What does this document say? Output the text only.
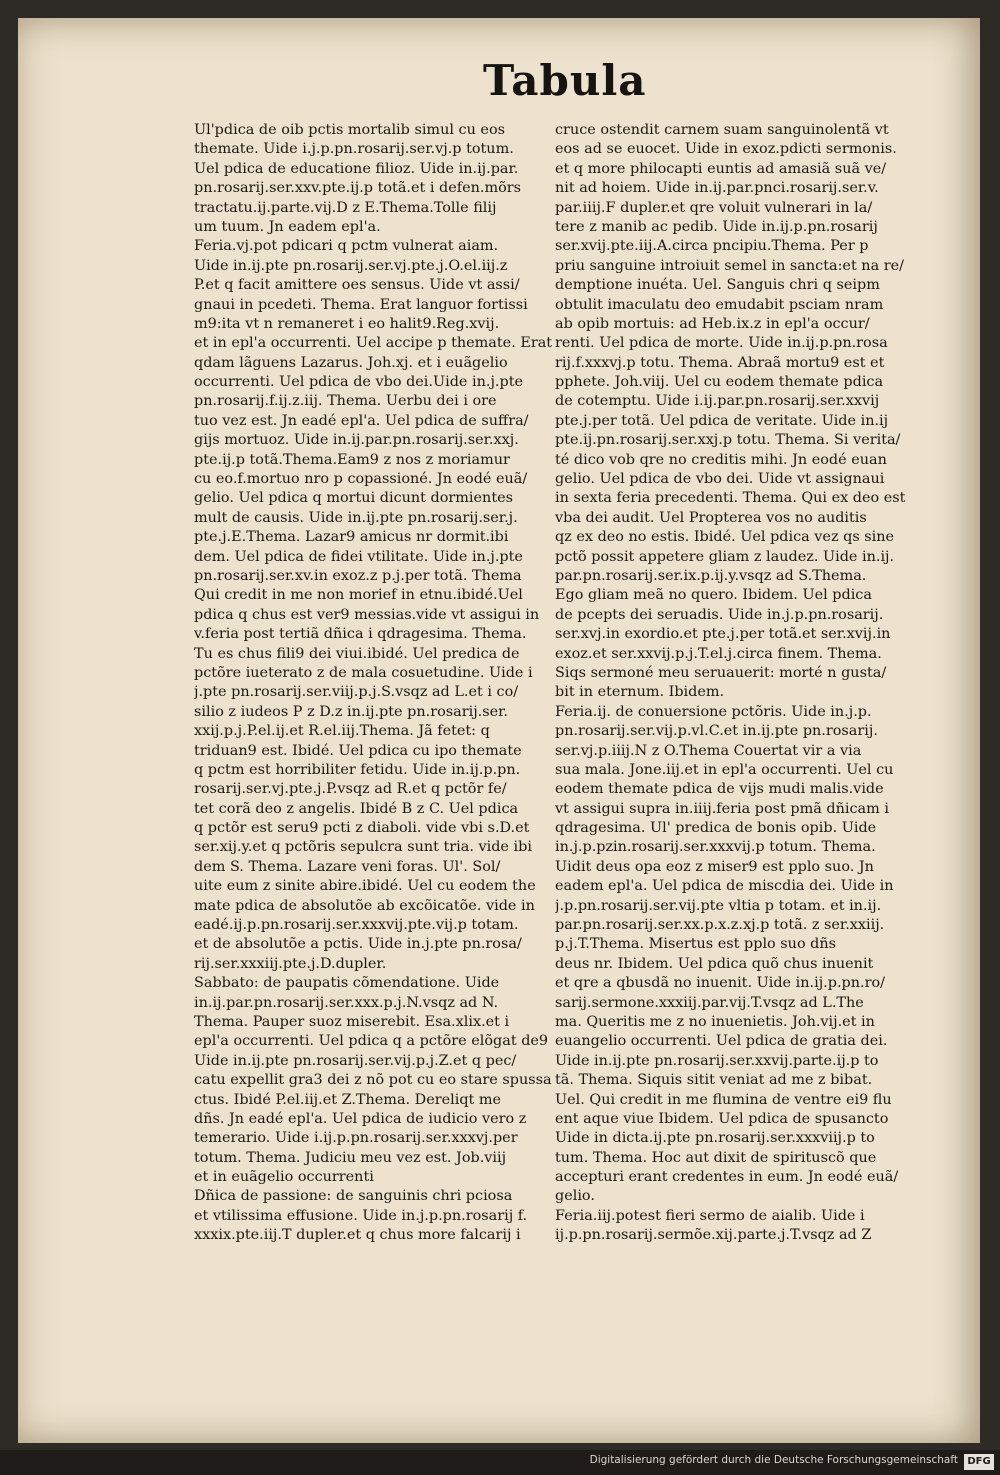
Tabula
Ul'pdica de oib pctis mortalib simul cu eos
themate. Uide i.j.p.pn.rosarij.ser.vj.p totum.
Uel pdica de educatione filioz. Uide in.ij.par.
pn.rosarij.ser.xxv.pte.ij.p totã.et i defen.mõrs
tractatu.ij.parte.vij.D z E.Thema.Tolle filij
um tuum. Jn eadem epl'a.
Feria.vj.pot pdicari q pctm vulnerat aiam.
Uide in.ij.pte pn.rosarij.ser.vj.pte.j.O.el.iij.z
P.et q facit amittere oes sensus. Uide vt assi/
gnaui in pcedeti. Thema. Erat languor fortissi
m9:ita vt n remaneret i eo halit9.Reg.xvij.
et in epl'a occurrenti. Uel accipe p themate. Erat
qdam lãguens Lazarus. Joh.xj. et i euãgelio
occurrenti. Uel pdica de vbo dei.Uide in.j.pte
pn.rosarij.f.ij.z.iij. Thema. Uerbu dei i ore
tuo vez est. Jn eadé epl'a. Uel pdica de suffra/
gijs mortuoz. Uide in.ij.par.pn.rosarij.ser.xxj.
pte.ij.p totã.Thema.Eam9 z nos z moriamur
cu eo.f.mortuo nro p copassioné. Jn eodé euã/
gelio. Uel pdica q mortui dicunt dormientes
mult de causis. Uide in.ij.pte pn.rosarij.ser.j.
pte.j.E.Thema. Lazar9 amicus nr dormit.ibi
dem. Uel pdica de fidei vtilitate. Uide in.j.pte
pn.rosarij.ser.xv.in exoz.z p.j.per totã. Thema
Qui credit in me non morief in etnu.ibidé.Uel
pdica q chus est ver9 messias.vide vt assigui in
v.feria post tertiã dñica i qdragesima. Thema.
Tu es chus fili9 dei viui.ibidé. Uel predica de
pctõre iueterato z de mala cosuetudine. Uide i
j.pte pn.rosarij.ser.viij.p.j.S.vsqz ad L.et i co/
silio z iudeos P z D.z in.ij.pte pn.rosarij.ser.
xxij.p.j.P.el.ij.et R.el.iij.Thema. Jã fetet: q
triduan9 est. Ibidé. Uel pdica cu ipo themate
q pctm est horribiliter fetidu. Uide in.ij.p.pn.
rosarij.ser.vj.pte.j.P.vsqz ad R.et q pctõr fe/
tet corã deo z angelis. Ibidé B z C. Uel pdica
q pctõr est seru9 pcti z diaboli. vide vbi s.D.et
ser.xij.y.et q pctõris sepulcra sunt tria. vide ibi
dem S. Thema. Lazare veni foras. Ul'. Sol/
uite eum z sinite abire.ibidé. Uel cu eodem the
mate pdica de absolutõe ab excõicatõe. vide in
eadé.ij.p.pn.rosarij.ser.xxxvij.pte.vij.p totam.
et de absolutõe a pctis. Uide in.j.pte pn.rosa/
rij.ser.xxxiij.pte.j.D.dupler.
Sabbato: de paupatis cõmendatione. Uide
in.ij.par.pn.rosarij.ser.xxx.p.j.N.vsqz ad N.
Thema. Pauper suoz miserebit. Esa.xlix.et i
epl'a occurrenti. Uel pdica q a pctõre elõgat de9
Uide in.ij.pte pn.rosarij.ser.vij.p.j.Z.et q pec/
catu expellit gra3 dei z nõ pot cu eo stare spussa
ctus. Ibidé P.el.iij.et Z.Thema. Dereliqt me
dñs. Jn eadé epl'a. Uel pdica de iudicio vero z
temerario. Uide i.ij.p.pn.rosarij.ser.xxxvj.per
totum. Thema. Judiciu meu vez est. Job.viij
et in euãgelio occurrenti
Dñica de passione: de sanguinis chri pciosa
et vtilissima effusione. Uide in.j.p.pn.rosarij f.
xxxix.pte.iij.T dupler.et q chus more falcarij i
cruce ostendit carnem suam sanguinolentã vt
eos ad se euocet. Uide in exoz.pdicti sermonis.
et q more philocapti euntis ad amasiã suã ve/
nit ad hoiem. Uide in.ij.par.pnci.rosarij.ser.v.
par.iiij.F dupler.et qre voluit vulnerari in la/
tere z manib ac pedib. Uide in.ij.p.pn.rosarij
ser.xvij.pte.iij.A.circa pncipiu.Thema. Per p
priu sanguine introiuit semel in sancta:et na re/
demptione inuéta. Uel. Sanguis chri q seipm
obtulit imaculatu deo emudabit psciam nram
ab opib mortuis: ad Heb.ix.z in epl'a occur/
renti. Uel pdica de morte. Uide in.ij.p.pn.rosa
rij.f.xxxvj.p totu. Thema. Abraã mortu9 est et
pphete. Joh.viij. Uel cu eodem themate pdica
de cotemptu. Uide i.ij.par.pn.rosarij.ser.xxvij
pte.j.per totã. Uel pdica de veritate. Uide in.ij
pte.ij.pn.rosarij.ser.xxj.p totu. Thema. Si verita/
té dico vob qre no creditis mihi. Jn eodé euan
gelio. Uel pdica de vbo dei. Uide vt assignaui
in sexta feria precedenti. Thema. Qui ex deo est
vba dei audit. Uel Propterea vos no auditis
qz ex deo no estis. Ibidé. Uel pdica vez qs sine
pctõ possit appetere gliam z laudez. Uide in.ij.
par.pn.rosarij.ser.ix.p.ij.y.vsqz ad S.Thema.
Ego gliam meã no quero. Ibidem. Uel pdica
de pcepts dei seruadis. Uide in.j.p.pn.rosarij.
ser.xvj.in exordio.et pte.j.per totã.et ser.xvij.in
exoz.et ser.xxvij.p.j.T.el.j.circa finem. Thema.
Siqs sermoné meu seruauerit: morté n gusta/
bit in eternum. Ibidem.
Feria.ij. de conuersione pctõris. Uide in.j.p.
pn.rosarij.ser.vij.p.vl.C.et in.ij.pte pn.rosarij.
ser.vj.p.iiij.N z O.Thema Couertat vir a via
sua mala. Jone.iij.et in epl'a occurrenti. Uel cu
eodem themate pdica de vijs mudi malis.vide
vt assigui supra in.iiij.feria post pmã dñicam i
qdragesima. Ul' predica de bonis opib. Uide
in.j.p.pzin.rosarij.ser.xxxvij.p totum. Thema.
Uidit deus opa eoz z miser9 est pplo suo. Jn
eadem epl'a. Uel pdica de miscdia dei. Uide in
j.p.pn.rosarij.ser.vij.pte vltia p totam. et in.ij.
par.pn.rosarij.ser.xx.p.x.z.xj.p totã. z ser.xxiij.
p.j.T.Thema. Misertus est pplo suo dñs
deus nr. Ibidem. Uel pdica quõ chus inuenit
et qre a qbusdã no inuenit. Uide in.ij.p.pn.ro/
sarij.sermone.xxxiij.par.vij.T.vsqz ad L.The
ma. Queritis me z no inuenietis. Joh.vij.et in
euangelio occurrenti. Uel pdica de gratia dei.
Uide in.ij.pte pn.rosarij.ser.xxvij.parte.ij.p to
tã. Thema. Siquis sitit veniat ad me z bibat.
Uel. Qui credit in me flumina de ventre ei9 flu
ent aque viue Ibidem. Uel pdica de spusancto
Uide in dicta.ij.pte pn.rosarij.ser.xxxviij.p to
tum. Thema. Hoc aut dixit de spirituscõ que
accepturi erant credentes in eum. Jn eodé euã/
gelio.
Feria.iij.potest fieri sermo de aialib. Uide i
ij.p.pn.rosarij.sermõe.xij.parte.j.T.vsqz ad Z
Digitalisierung gefördert durch die Deutsche Forschungsgemeinschaft DFG
